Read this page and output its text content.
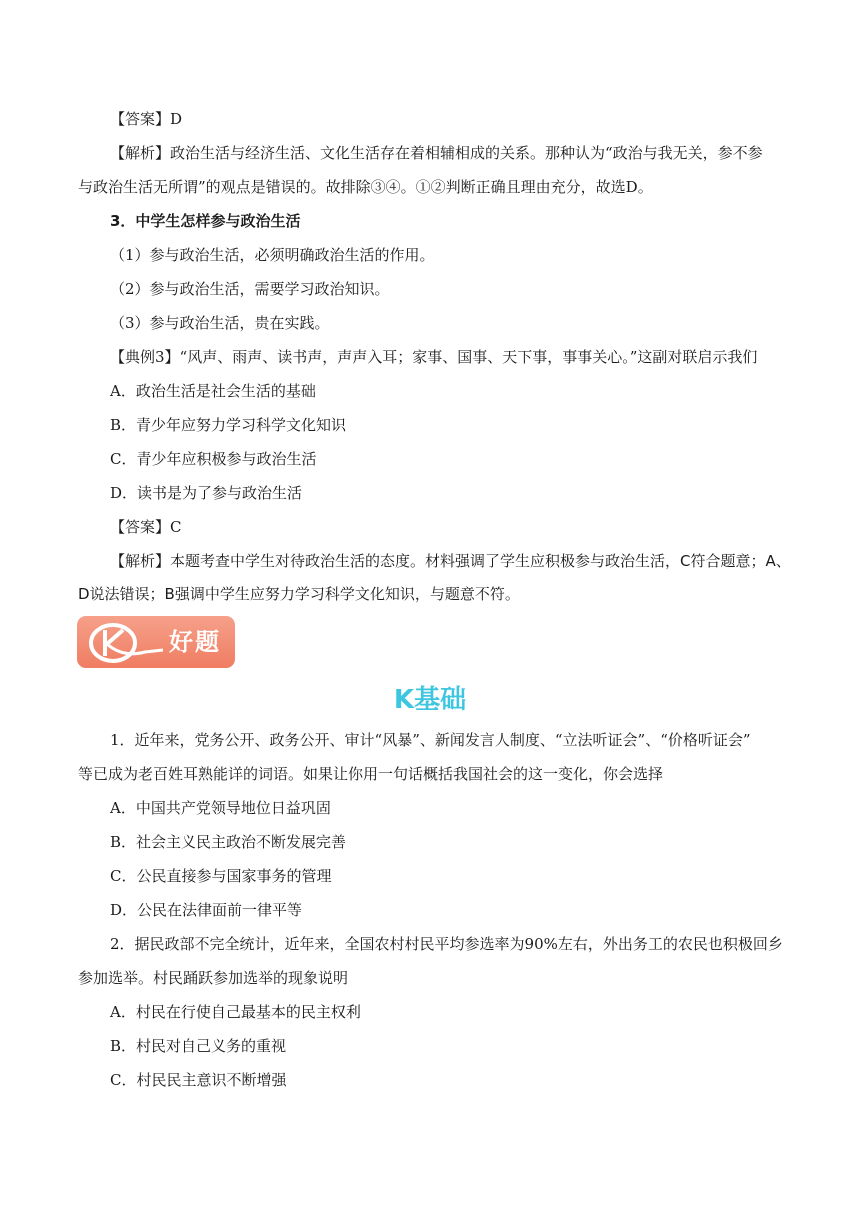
【答案】D
【解析】政治生活与经济生活、文化生活存在着相辅相成的关系。那种认为“政治与我无关，参不参
与政治生活无所谓”的观点是错误的。故排除③④。①②判断正确且理由充分，故选D。
3．中学生怎样参与政治生活
（1）参与政治生活，必须明确政治生活的作用。
（2）参与政治生活，需要学习政治知识。
（3）参与政治生活，贵在实践。
【典例3】“风声、雨声、读书声，声声入耳；家事、国事、天下事，事事关心。”这副对联启示我们
A．政治生活是社会生活的基础
B．青少年应努力学习科学文化知识
C．青少年应积极参与政治生活
D．读书是为了参与政治生活
【答案】C
【解析】本题考查中学生对待政治生活的态度。材料强调了学生应积极参与政治生活，C符合题意；A、
D说法错误；B强调中学生应努力学习科学文化知识，与题意不符。
好题
K基础
1．近年来，党务公开、政务公开、审计“风暴”、新闻发言人制度、“立法听证会”、“价格听证会”
等已成为老百姓耳熟能详的词语。如果让你用一句话概括我国社会的这一变化，你会选择
A．中国共产党领导地位日益巩固
B．社会主义民主政治不断发展完善
C．公民直接参与国家事务的管理
D．公民在法律面前一律平等
2．据民政部不完全统计，近年来，全国农村村民平均参选率为90%左右，外出务工的农民也积极回乡
参加选举。村民踊跃参加选举的现象说明
A．村民在行使自己最基本的民主权利
B．村民对自己义务的重视
C．村民民主意识不断增强
